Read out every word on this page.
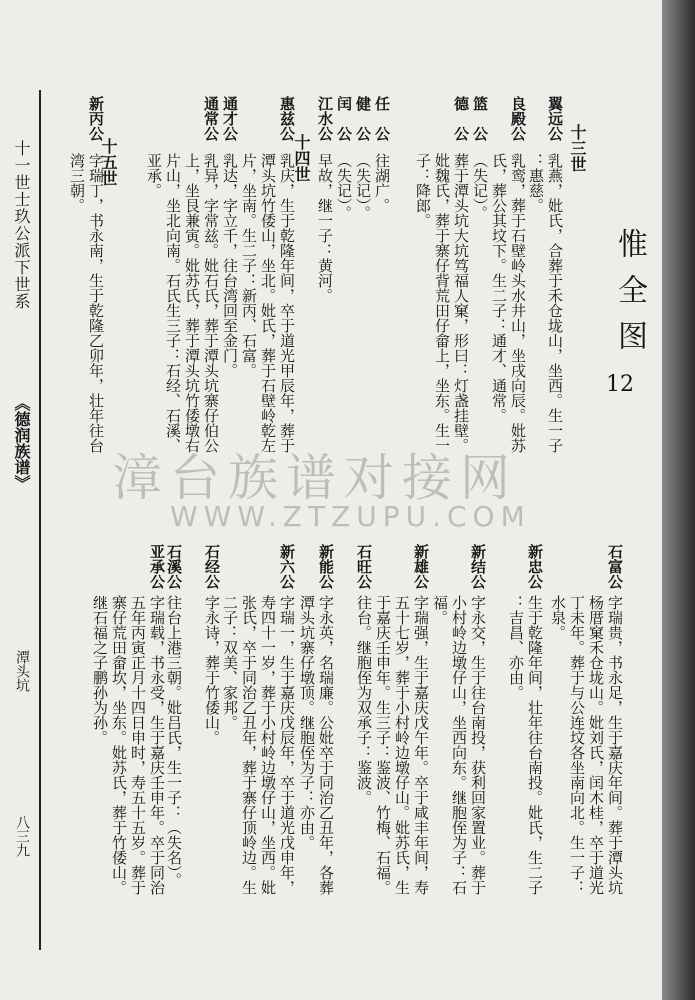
十一世士玖公派下世系
《德润族谱》
潭头坑
八三九
惟全图
12
十三世
十四世
十五世
翼远公
乳燕，妣氏，合葬于禾仓垅山，坐西。生一子
：惠慈。
良殿公
乳鸾，葬于石壁岭头水井山，坐戌向辰。妣苏
氏，葬公其坟下。生二子：通才、通常。
篮　公
（失记）。
德　公
葬于潭头坑大坑笃福人窠，形曰：灯盏挂壁。
妣魏氏，葬于寨仔背荒田仔畲上，坐东。生一
子：降郎。
任　公
往湖广。
健　公
（失记）。
闰　公
（失记）。
江水公
早故，继一子：黄河。
惠兹公
乳庆，生于乾隆年间，卒于道光甲辰年，葬于
潭头坑竹倭山，坐北。妣氏，葬于石壁岭乾左
片，坐南。生二子：新丙、石富。
通才公
乳达，字立千，往台湾回至金门。
通常公
乳异，字常兹。妣石氏，葬于潭头坑寨仔伯公
上，坐艮兼寅。妣苏氏，葬于潭头坑竹倭墩右
片山，坐北向南。石氏生三子：石经、石溪、
亚承。
新丙公
字瑞丁，书永南，生于乾隆乙卯年，壮年往台
湾三朝。
漳台族谱对接网
WWW.ZTZUPU.COM
石富公
字瑞贵，书永足，生于嘉庆年间。葬于潭头坑
杨厝窠禾仓垅山。妣刘氏，闰木桂，卒于道光
丁未年。葬于与公连坟各坐南向北。生一子：
水泉。
新忠公
生于乾隆年间，壮年往台南投。妣氏，生二子
：吉昌、亦由。
新结公
字永交，生于往台南投，获利回家置业。葬于
小村岭边墩仔山，坐西向东。继胞侄为子：石
福。
新雄公
字瑞强，生于嘉庆戊午年。卒于咸丰年间，寿
五十七岁，葬于小村岭边墩仔山。妣苏氏，生
于嘉庆壬申年。生三子：鉴波、竹梅、石福。
石旺公
往台。继胞侄为双承子：鉴波。
新能公
字永英，名瑞廉。公妣卒于同治乙丑年，各葬
潭头坑寨仔墩顶。继胞侄为子：亦由。
新六公
字瑞一，生于嘉庆戊辰年，卒于道光戊申年，
寿四十一岁，葬于小村岭边墩仔山，坐西。妣
张氏，卒于同治乙丑年，葬于寨仔顶岭边。生
二子：双美、家邦。
石经公
字永诗，葬于竹倭山。
石溪公
往台上港三朝。妣吕氏，生一子：（失名）。
亚承公
字瑞载，书永受，生于嘉庆壬申年。卒于同治
五年丙寅正月十四日申时，寿五十五岁。葬于
寨仔荒田畲坎，坐东。妣苏氏，葬于竹倭山。
继石福之子鹏孙为孙。
